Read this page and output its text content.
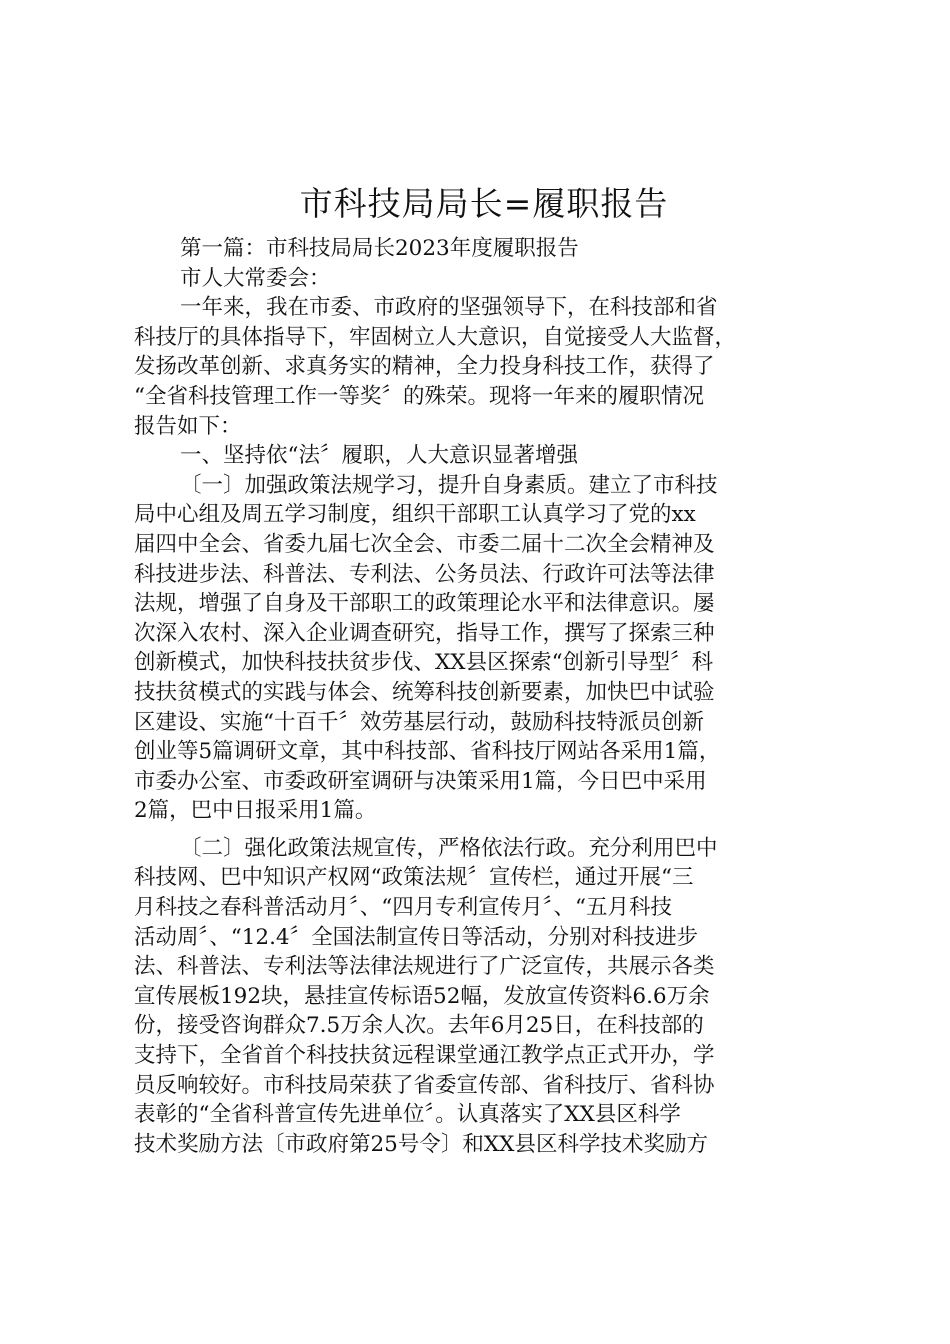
市科技局局长=履职报告

第一篇：市科技局局长2023年度履职报告

市人大常委会：

一年来，我在市委、市政府的坚强领导下，在科技部和省

科技厅的具体指导下，牢固树立人大意识，自觉接受人大监督，

发扬改革创新、求真务实的精神，全力投身科技工作，获得了

“全省科技管理工作一等奖〞的殊荣。现将一年来的履职情况

报告如下：

一、坚持依“法〞履职，人大意识显著增强

〔一〕加强政策法规学习，提升自身素质。建立了市科技

局中心组及周五学习制度，组织干部职工认真学习了党的xx

届四中全会、省委九届七次全会、市委二届十二次全会精神及

科技进步法、科普法、专利法、公务员法、行政许可法等法律

法规，增强了自身及干部职工的政策理论水平和法律意识。屡

次深入农村、深入企业调查研究，指导工作，撰写了探索三种

创新模式，加快科技扶贫步伐、XX县区探索“创新引导型〞科

技扶贫模式的实践与体会、统筹科技创新要素，加快巴中试验

区建设、实施“十百千〞效劳基层行动，鼓励科技特派员创新

创业等5篇调研文章，其中科技部、省科技厅网站各采用1篇，

市委办公室、市委政研室调研与决策采用1篇，今日巴中采用

2篇，巴中日报采用1篇。

〔二〕强化政策法规宣传，严格依法行政。充分利用巴中

科技网、巴中知识产权网“政策法规〞宣传栏，通过开展“三

月科技之春科普活动月〞、“四月专利宣传月〞、“五月科技

活动周〞、“12.4〞全国法制宣传日等活动，分别对科技进步

法、科普法、专利法等法律法规进行了广泛宣传，共展示各类

宣传展板192块，悬挂宣传标语52幅，发放宣传资料6.6万余

份，接受咨询群众7.5万余人次。去年6月25日，在科技部的

支持下，全省首个科技扶贫远程课堂通江教学点正式开办，学

员反响较好。市科技局荣获了省委宣传部、省科技厅、省科协

表彰的“全省科普宣传先进单位〞。认真落实了XX县区科学

技术奖励方法〔市政府第25号令〕和XX县区科学技术奖励方
